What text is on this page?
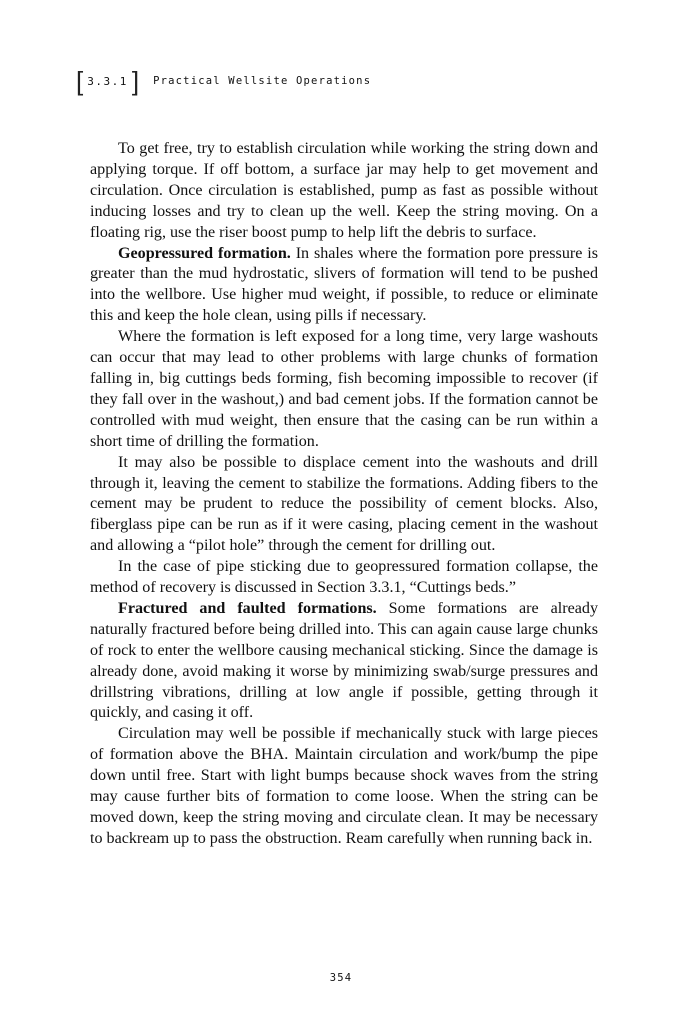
[ 3.3.1 ] Practical Wellsite Operations

To get free, try to establish circulation while working the string down and applying torque. If off bottom, a surface jar may help to get movement and circulation. Once circulation is established, pump as fast as possible without inducing losses and try to clean up the well. Keep the string moving. On a floating rig, use the riser boost pump to help lift the debris to surface.

Geopressured formation. In shales where the formation pore pressure is greater than the mud hydrostatic, slivers of formation will tend to be pushed into the wellbore. Use higher mud weight, if possible, to reduce or eliminate this and keep the hole clean, using pills if necessary.

Where the formation is left exposed for a long time, very large washouts can occur that may lead to other problems with large chunks of formation falling in, big cuttings beds forming, fish becoming impossible to recover (if they fall over in the washout,) and bad cement jobs. If the formation cannot be controlled with mud weight, then ensure that the casing can be run within a short time of drilling the formation.

It may also be possible to displace cement into the washouts and drill through it, leaving the cement to stabilize the formations. Adding fibers to the cement may be prudent to reduce the possibility of cement blocks. Also, fiberglass pipe can be run as if it were casing, placing cement in the washout and allowing a “pilot hole” through the cement for drilling out.

In the case of pipe sticking due to geopressured formation collapse, the method of recovery is discussed in Section 3.3.1, “Cuttings beds.”

Fractured and faulted formations. Some formations are already naturally fractured before being drilled into. This can again cause large chunks of rock to enter the wellbore causing mechanical sticking. Since the damage is already done, avoid making it worse by minimizing swab/surge pressures and drillstring vibrations, drilling at low angle if possible, getting through it quickly, and casing it off.

Circulation may well be possible if mechanically stuck with large pieces of formation above the BHA. Maintain circulation and work/bump the pipe down until free. Start with light bumps because shock waves from the string may cause further bits of formation to come loose. When the string can be moved down, keep the string moving and circulate clean. It may be necessary to backream up to pass the obstruction. Ream carefully when running back in.

354
